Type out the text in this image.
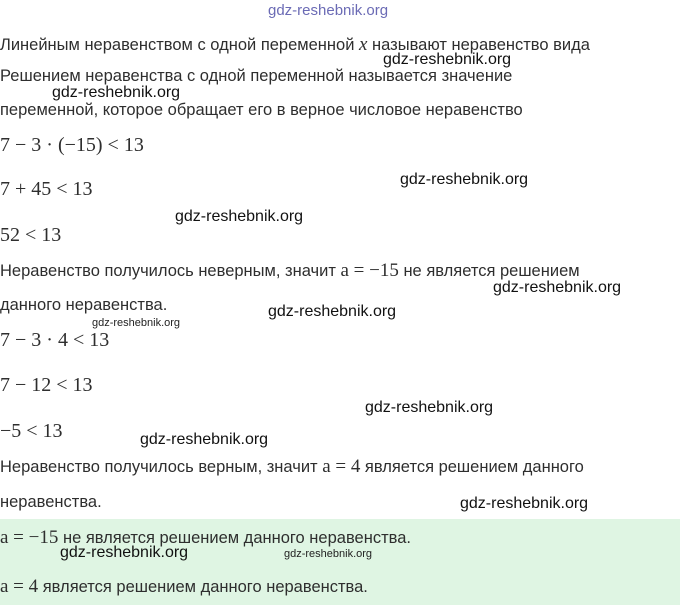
gdz-reshebnik.org
Линейным неравенством с одной переменной x называют неравенство вида
Решением неравенства с одной переменной называется значение
переменной, которое обращает его в верное числовое неравенство
7 − 3 · (−15) < 13
7 + 45 < 13
52 < 13
Неравенство получилось неверным, значит a = −15 не является решением
данного неравенства.
7 − 3 · 4 < 13
7 − 12 < 13
−5 < 13
Неравенство получилось верным, значит a = 4 является решением данного
неравенства.
a = −15 не является решением данного неравенства.
a = 4 является решением данного неравенства.
gdz-reshebnik.org
gdz-reshebnik.org
gdz-reshebnik.org
gdz-reshebnik.org
gdz-reshebnik.org
gdz-reshebnik.org
gdz-reshebnik.org
gdz-reshebnik.org
gdz-reshebnik.org
gdz-reshebnik.org
gdz-reshebnik.org	gdz-reshebnik.org
